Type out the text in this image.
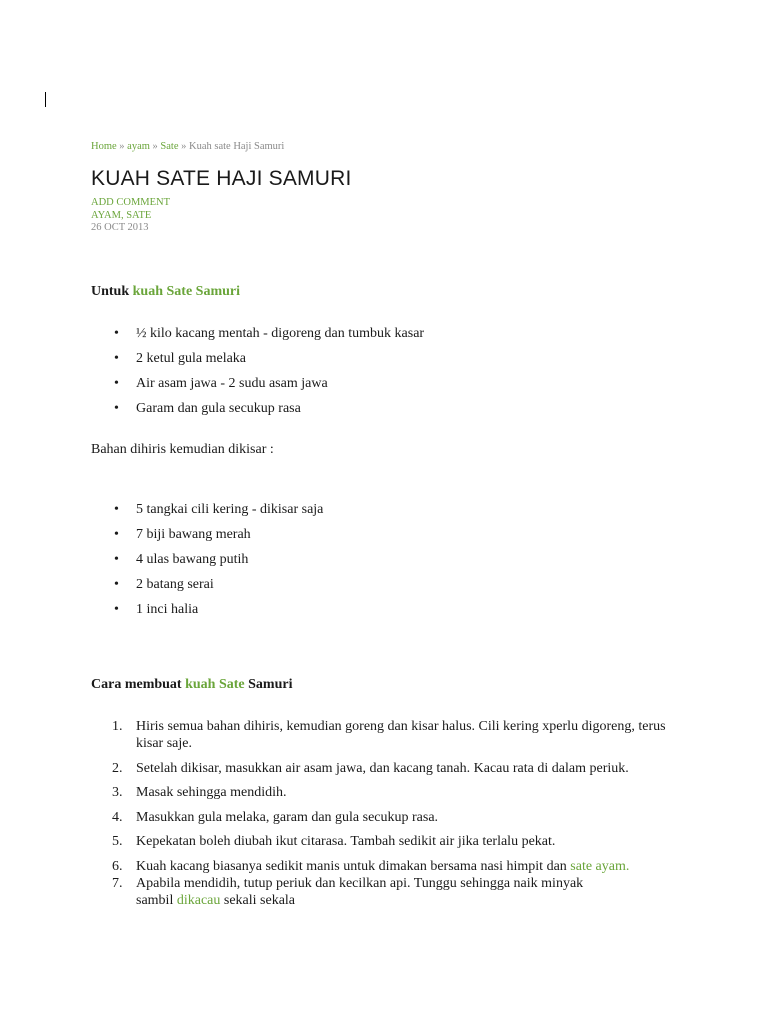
Home » ayam » Sate » Kuah sate Haji Samuri
KUAH SATE HAJI SAMURI
ADD COMMENT
AYAM, SATE
26 OCT 2013
Untuk kuah Sate Samuri
• ½ kilo kacang mentah - digoreng dan tumbuk kasar
• 2 ketul gula melaka
• Air asam jawa - 2 sudu asam jawa
• Garam dan gula secukup rasa
Bahan dihiris kemudian dikisar :
• 5 tangkai cili kering - dikisar saja
• 7 biji bawang merah
• 4 ulas bawang putih
• 2 batang serai
• 1 inci halia
Cara membuat kuah Sate Samuri
1. Hiris semua bahan dihiris, kemudian goreng dan kisar halus. Cili kering xperlu digoreng, terus kisar saje.
2. Setelah dikisar, masukkan air asam jawa, dan kacang tanah. Kacau rata di dalam periuk.
3. Masak sehingga mendidih.
4. Masukkan gula melaka, garam dan gula secukup rasa.
5. Kepekatan boleh diubah ikut citarasa. Tambah sedikit air jika terlalu pekat.
6. Kuah kacang biasanya sedikit manis untuk dimakan bersama nasi himpit dan sate ayam.
7. Apabila mendidih, tutup periuk dan kecilkan api. Tunggu sehingga naik minyak
sambil dikacau sekali sekala
